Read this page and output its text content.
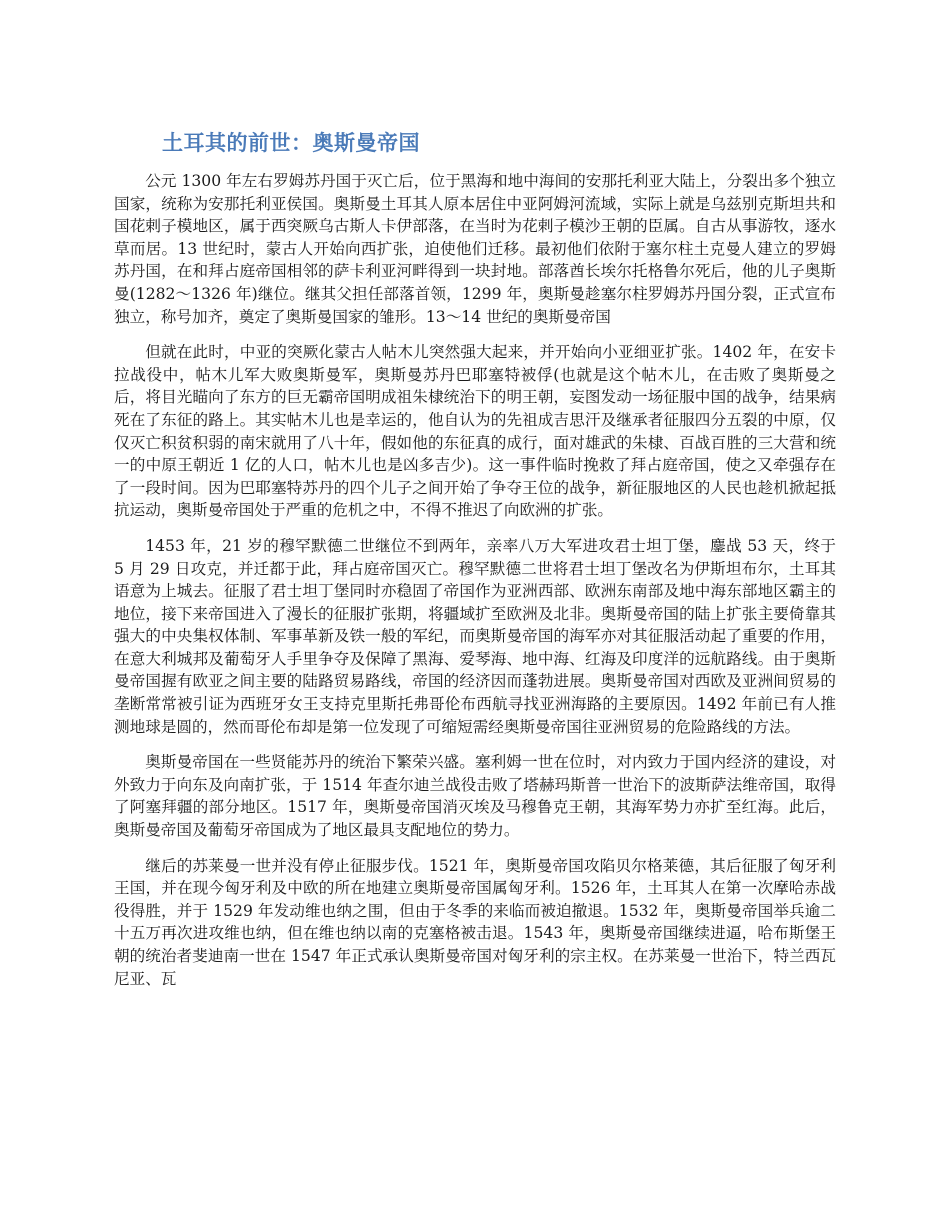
土耳其的前世：奥斯曼帝国

公元 1300 年左右罗姆苏丹国于灭亡后，位于黑海和地中海间的安那托利亚大陆上，分裂出多个独立国家，统称为安那托利亚侯国。奥斯曼土耳其人原本居住中亚阿姆河流域，实际上就是乌兹别克斯坦共和国花剌子模地区，属于西突厥乌古斯人卡伊部落，在当时为花剌子模沙王朝的臣属。自古从事游牧，逐水草而居。13 世纪时，蒙古人开始向西扩张，迫使他们迁移。最初他们依附于塞尔柱土克曼人建立的罗姆苏丹国，在和拜占庭帝国相邻的萨卡利亚河畔得到一块封地。部落酋长埃尔托格鲁尔死后，他的儿子奥斯曼(1282～1326 年)继位。继其父担任部落首领，1299 年，奥斯曼趁塞尔柱罗姆苏丹国分裂，正式宣布独立，称号加齐，奠定了奥斯曼国家的雏形。13～14 世纪的奥斯曼帝国

但就在此时，中亚的突厥化蒙古人帖木儿突然强大起来，并开始向小亚细亚扩张。1402 年，在安卡拉战役中，帖木儿军大败奥斯曼军，奥斯曼苏丹巴耶塞特被俘(也就是这个帖木儿，在击败了奥斯曼之后，将目光瞄向了东方的巨无霸帝国明成祖朱棣统治下的明王朝，妄图发动一场征服中国的战争，结果病死在了东征的路上。其实帖木儿也是幸运的，他自认为的先祖成吉思汗及继承者征服四分五裂的中原，仅仅灭亡积贫积弱的南宋就用了八十年，假如他的东征真的成行，面对雄武的朱棣、百战百胜的三大营和统一的中原王朝近 1 亿的人口，帖木儿也是凶多吉少)。这一事件临时挽救了拜占庭帝国，使之又牵强存在了一段时间。因为巴耶塞特苏丹的四个儿子之间开始了争夺王位的战争，新征服地区的人民也趁机掀起抵抗运动，奥斯曼帝国处于严重的危机之中，不得不推迟了向欧洲的扩张。

1453 年，21 岁的穆罕默德二世继位不到两年，亲率八万大军进攻君士坦丁堡，鏖战 53 天，终于 5 月 29 日攻克，并迁都于此，拜占庭帝国灭亡。穆罕默德二世将君士坦丁堡改名为伊斯坦布尔，土耳其语意为上城去。征服了君士坦丁堡同时亦稳固了帝国作为亚洲西部、欧洲东南部及地中海东部地区霸主的地位，接下来帝国进入了漫长的征服扩张期，将疆域扩至欧洲及北非。奥斯曼帝国的陆上扩张主要倚靠其强大的中央集权体制、军事革新及铁一般的军纪，而奥斯曼帝国的海军亦对其征服活动起了重要的作用，在意大利城邦及葡萄牙人手里争夺及保障了黑海、爱琴海、地中海、红海及印度洋的远航路线。由于奥斯曼帝国握有欧亚之间主要的陆路贸易路线，帝国的经济因而蓬勃进展。奥斯曼帝国对西欧及亚洲间贸易的垄断常常被引证为西班牙女王支持克里斯托弗哥伦布西航寻找亚洲海路的主要原因。1492 年前已有人推测地球是圆的，然而哥伦布却是第一位发现了可缩短需经奥斯曼帝国往亚洲贸易的危险路线的方法。

奥斯曼帝国在一些贤能苏丹的统治下繁荣兴盛。塞利姆一世在位时，对内致力于国内经济的建设，对外致力于向东及向南扩张，于 1514 年查尔迪兰战役击败了塔赫玛斯普一世治下的波斯萨法维帝国，取得了阿塞拜疆的部分地区。1517 年，奥斯曼帝国消灭埃及马穆鲁克王朝，其海军势力亦扩至红海。此后，奥斯曼帝国及葡萄牙帝国成为了地区最具支配地位的势力。

继后的苏莱曼一世并没有停止征服步伐。1521 年，奥斯曼帝国攻陷贝尔格莱德，其后征服了匈牙利王国，并在现今匈牙利及中欧的所在地建立奥斯曼帝国属匈牙利。1526 年，土耳其人在第一次摩哈赤战役得胜，并于 1529 年发动维也纳之围，但由于冬季的来临而被迫撤退。1532 年，奥斯曼帝国举兵逾二十五万再次进攻维也纳，但在维也纳以南的克塞格被击退。1543 年，奥斯曼帝国继续进逼，哈布斯堡王朝的统治者斐迪南一世在 1547 年正式承认奥斯曼帝国对匈牙利的宗主权。在苏莱曼一世治下，特兰西瓦尼亚、瓦
